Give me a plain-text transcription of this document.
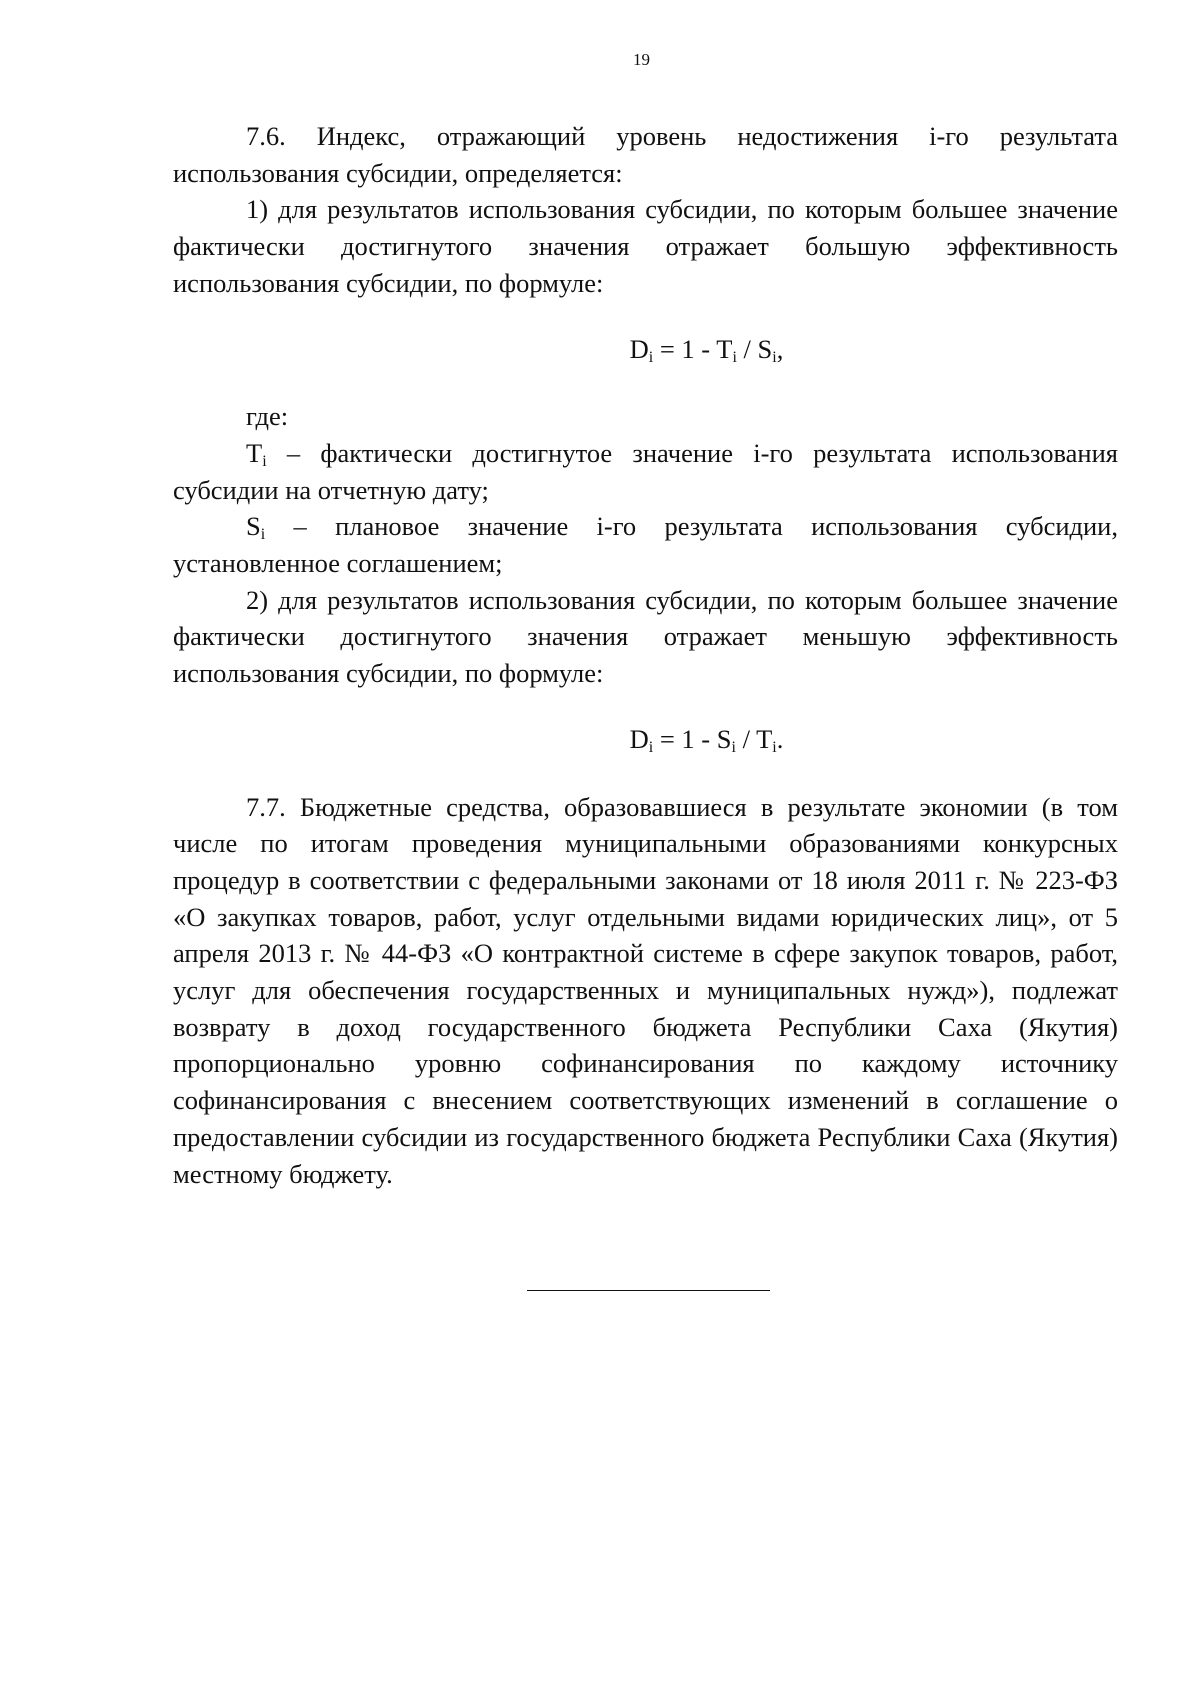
19

7.6. Индекс, отражающий уровень недостижения i-го результата использования субсидии, определяется:

1) для результатов использования субсидии, по которым большее значение фактически достигнутого значения отражает большую эффективность использования субсидии, по формуле:

$D_i = 1 - T_i / S_i$,

где:

$T_i$ – фактически достигнутое значение i-го результата использования субсидии на отчетную дату;

$S_i$ – плановое значение i-го результата использования субсидии, установленное соглашением;

2) для результатов использования субсидии, по которым большее значение фактически достигнутого значения отражает меньшую эффективность использования субсидии, по формуле:

$D_i = 1 - S_i / T_i$.

7.7. Бюджетные средства, образовавшиеся в результате экономии (в том числе по итогам проведения муниципальными образованиями конкурсных процедур в соответствии с федеральными законами от 18 июля 2011 г. № 223-ФЗ «О закупках товаров, работ, услуг отдельными видами юридических лиц», от 5 апреля 2013 г. № 44-ФЗ «О контрактной системе в сфере закупок товаров, работ, услуг для обеспечения государственных и муниципальных нужд»), подлежат возврату в доход государственного бюджета Республики Саха (Якутия) пропорционально уровню софинансирования по каждому источнику софинансирования с внесением соответствующих изменений в соглашение о предоставлении субсидии из государственного бюджета Республики Саха (Якутия) местному бюджету.
